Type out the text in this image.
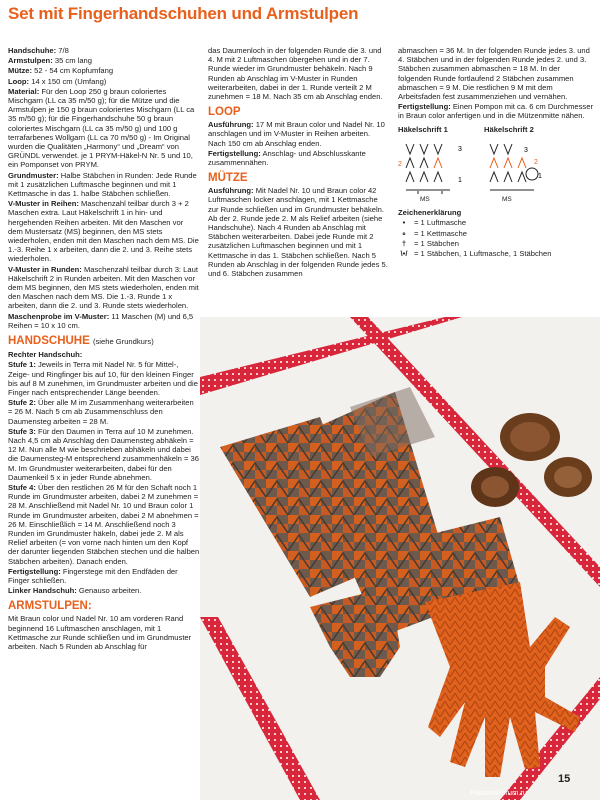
Set mit Fingerhandschuhen und Armstulpen

Handschuhe: 7/8

Armstulpen: 35 cm lang

Mütze: 52 - 54 cm Kopfumfang

Loop: 14 x 150 cm (Umfang)

Material: Für den Loop 250 g braun coloriertes Mischgarn (LL ca 35 m/50 g); für die Mütze und die Armstulpen je 150 g braun coloriertes Mischgarn (LL ca 35 m/50 g); für die Fingerhandschuhe 50 g braun coloriertes Mischgarn (LL ca 35 m/50 g) und 100 g terrafarbenes Wollgarn (LL ca 70 m/50 g) - Im Original wurden die Qualitäten „Harmony“ und „Dream“ von GRÜNDL verwendet. je 1 PRYM-Häkel-N Nr. 5 und 10, ein Pomponset von PRYM.

Grundmuster: Halbe Stäbchen in Runden: Jede Runde mit 1 zusätzlichen Luftmasche beginnen und mit 1 Kettmasche in das 1. halbe Stäbchen schließen.

V-Muster in Reihen: Maschenzahl teilbar durch 3 + 2 Maschen extra. Laut Häkelschrift 1 in hin- und hergehenden Reihen arbeiten. Mit den Maschen vor dem Mustersatz (MS) beginnen, den MS stets wiederholen, enden mit den Maschen nach dem MS. Die 1.-3. Reihe 1 x arbeiten, dann die 2. und 3. Reihe stets wiederholen.

V-Muster in Runden: Maschenzahl teilbar durch 3: Laut Häkelschrift 2 in Runden arbeiten. Mit den Maschen vor dem MS beginnen, den MS stets wiederholen, enden mit den Maschen nach dem MS. Die 1.-3. Runde 1 x arbeiten, dann die 2. und 3. Runde stets wiederholen.

Maschenprobe im V-Muster: 11 Maschen (M) und 6,5 Reihen = 10 x 10 cm.

HANDSCHUHE (siehe Grundkurs)

Rechter Handschuh:

Stufe 1: Jeweils in Terra mit Nadel Nr. 5 für Mittel-, Zeige- und Ringfinger bis auf 10, für den kleinen Finger bis auf 8 M zunehmen, im Grundmuster arbeiten und die Finger nach entsprechender Länge beenden.

Stufe 2: Über alle M im Zusammenhang weiterarbeiten = 26 M. Nach 5 cm ab Zusammenschluss den Daumensteg arbeiten = 28 M.

Stufe 3: Für den Daumen in Terra auf 10 M zunehmen. Nach 4,5 cm ab Anschlag den Daumensteg abhäkeln = 12 M. Nun alle M wie beschrieben abhäkeln und dabei die Daumensteg-M entsprechend zusammenhäkeln = 36 M. Im Grundmuster weiterarbeiten, dabei für den Daumenkeil 5 x in jeder Runde abnehmen.

Stufe 4: Über den restlichen 26 M für den Schaft noch 1 Runde im Grundmuster arbeiten, dabei 2 M zunehmen = 28 M. Anschließend mit Nadel Nr. 10 und Braun color 1 Runde im Grundmuster arbeiten, dabei 2 M abnehmen = 26 M. Einschließlich = 14 M. Anschließend noch 3 Runden im Grundmuster häkeln, dabei jede 2. M als Relief arbeiten (= von vorne nach hinten um den Kopf der darunter liegenden Stäbchen stechen und die halben Stäbchen arbeiten). Danach enden.

Fertigstellung: Fingerstege mit den Endfäden der Finger schließen.

Linker Handschuh: Genauso arbeiten.

ARMSTULPEN:

Mit Braun color und Nadel Nr. 10 am vorderen Rand beginnend 16 Luftmaschen anschlagen, mit 1 Kettmasche zur Runde schließen und im Grundmuster arbeiten. Nach 5 Runden ab Anschlag für

das Daumenloch in der folgenden Runde die 3. und 4. M mit 2 Luftmaschen übergehen und in der 7. Runde wieder im Grundmuster behäkeln. Nach 9 Runden ab Anschlag im V-Muster in Runden weiterarbeiten, dabei in der 1. Runde verteilt 2 M zunehmen = 18 M. Nach 35 cm ab Anschlag enden.

LOOP

Ausführung: 17 M mit Braun color und Nadel Nr. 10 anschlagen und im V-Muster in Reihen arbeiten. Nach 150 cm ab Anschlag enden.

Fertigstellung: Anschlag- und Abschlusskante zusammennähen.

MÜTZE

Ausführung: Mit Nadel Nr. 10 und Braun color 42 Luftmaschen locker anschlagen, mit 1 Kettmasche zur Runde schließen und im Grundmuster behäkeln. Ab der 2. Runde jede 2. M als Relief arbeiten (siehe Handschuhe). Nach 4 Runden ab Anschlag mit Stäbchen weiterarbeiten. Dabei jede Runde mit 2 zusätzlichen Luftmaschen beginnen und mit 1 Kettmasche in das 1. Stäbchen schließen. Nach 5 Runden ab Anschlag in der folgenden Runde jedes 5. und 6. Stäbchen zusammen

abmaschen = 36 M. In der folgenden Runde jedes 3. und 4. Stäbchen und in der folgenden Runde jedes 2. und 3. Stäbchen zusammen abmaschen = 18 M. In der folgenden Runde fortlaufend 2 Stäbchen zusammen abmaschen = 9 M. Die restlichen 9 M mit dem Arbeitsfaden fest zusammenziehen und vernähen.

Fertigstellung: Einen Pompon mit ca. 6 cm Durchmesser in Braun color anfertigen und in die Mützenmitte nähen.

Häkelschrift 1
3
2
1
MS
Häkelschrift 2
3
2
1
MS
Zeichenerklärung
•	= 1 Luftmasche
∘	= 1 Kettmasche
†	= 1 Stäbchen
\•/ = 1 Stäbchen, 1 Luftmasche, 1 Stäbchen
15
PassionForum.ru
